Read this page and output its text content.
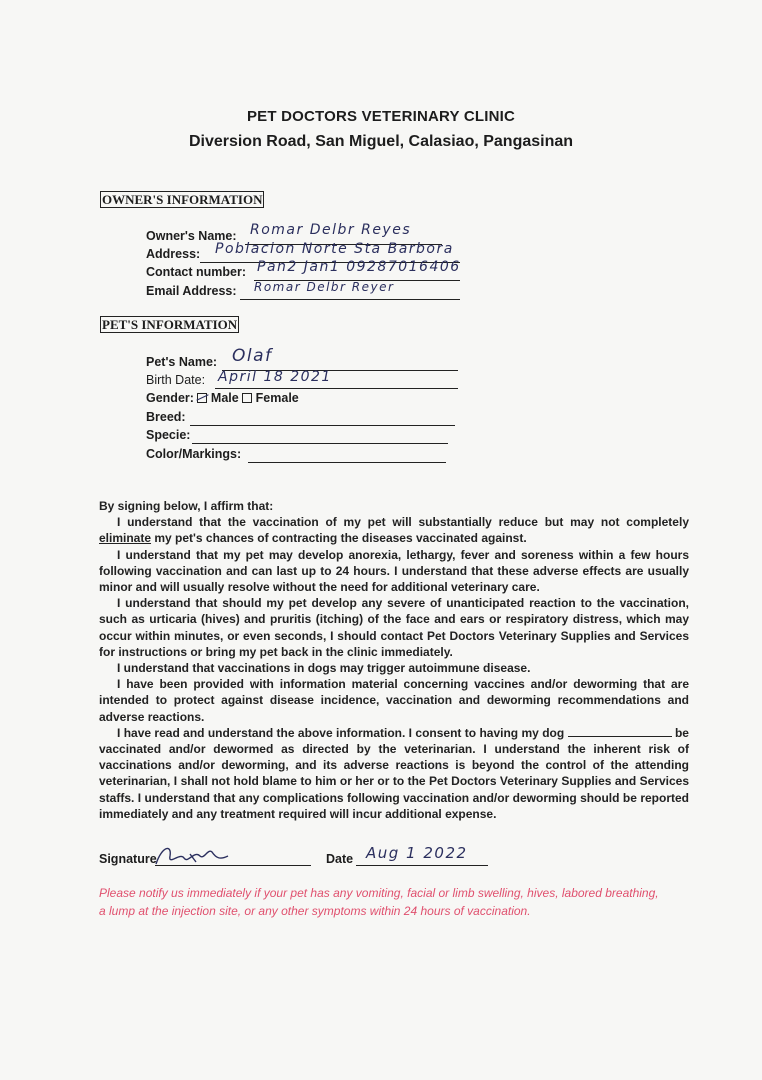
PET DOCTORS VETERINARY CLINIC
Diversion Road, San Miguel, Calasiao, Pangasinan
OWNER'S INFORMATION
Owner's Name: Romar Delbr Reyes
Address: Poblacion Norte Sta Barbora
Contact number: Pan2 Jan1 09287016406
Email Address: Romar Delbr Reyer
PET'S INFORMATION
Pet's Name: Olaf
Birth Date: April 18 2021
Gender: Male Female
Breed:
Specie:
Color/Markings:

By signing below, I affirm that:

I understand that the vaccination of my pet will substantially reduce but may not completely eliminate my pet's chances of contracting the diseases vaccinated against.

I understand that my pet may develop anorexia, lethargy, fever and soreness within a few hours following vaccination and can last up to 24 hours. I understand that these adverse effects are usually minor and will usually resolve without the need for additional veterinary care.

I understand that should my pet develop any severe of unanticipated reaction to the vaccination, such as urticaria (hives) and pruritis (itching) of the face and ears or respiratory distress, which may occur within minutes, or even seconds, I should contact Pet Doctors Veterinary Supplies and Services for instructions or bring my pet back in the clinic immediately.

I understand that vaccinations in dogs may trigger autoimmune disease.

I have been provided with information material concerning vaccines and/or deworming that are intended to protect against disease incidence, vaccination and deworming recommendations and adverse reactions.

I have read and understand the above information. I consent to having my dog	be vaccinated and/or dewormed as directed by the veterinarian. I understand the inherent risk of vaccinations and/or deworming, and its adverse reactions is beyond the control of the attending veterinarian, I shall not hold blame to him or her or to the Pet Doctors Veterinary Supplies and Services staffs. I understand that any complications following vaccination and/or deworming should be reported immediately and any treatment required will incur additional expense.

Signature	Date Aug 1 2022
Please notify us immediately if your pet has any vomiting, facial or limb swelling, hives, labored breathing, a lump at the injection site, or any other symptoms within 24 hours of vaccination.
